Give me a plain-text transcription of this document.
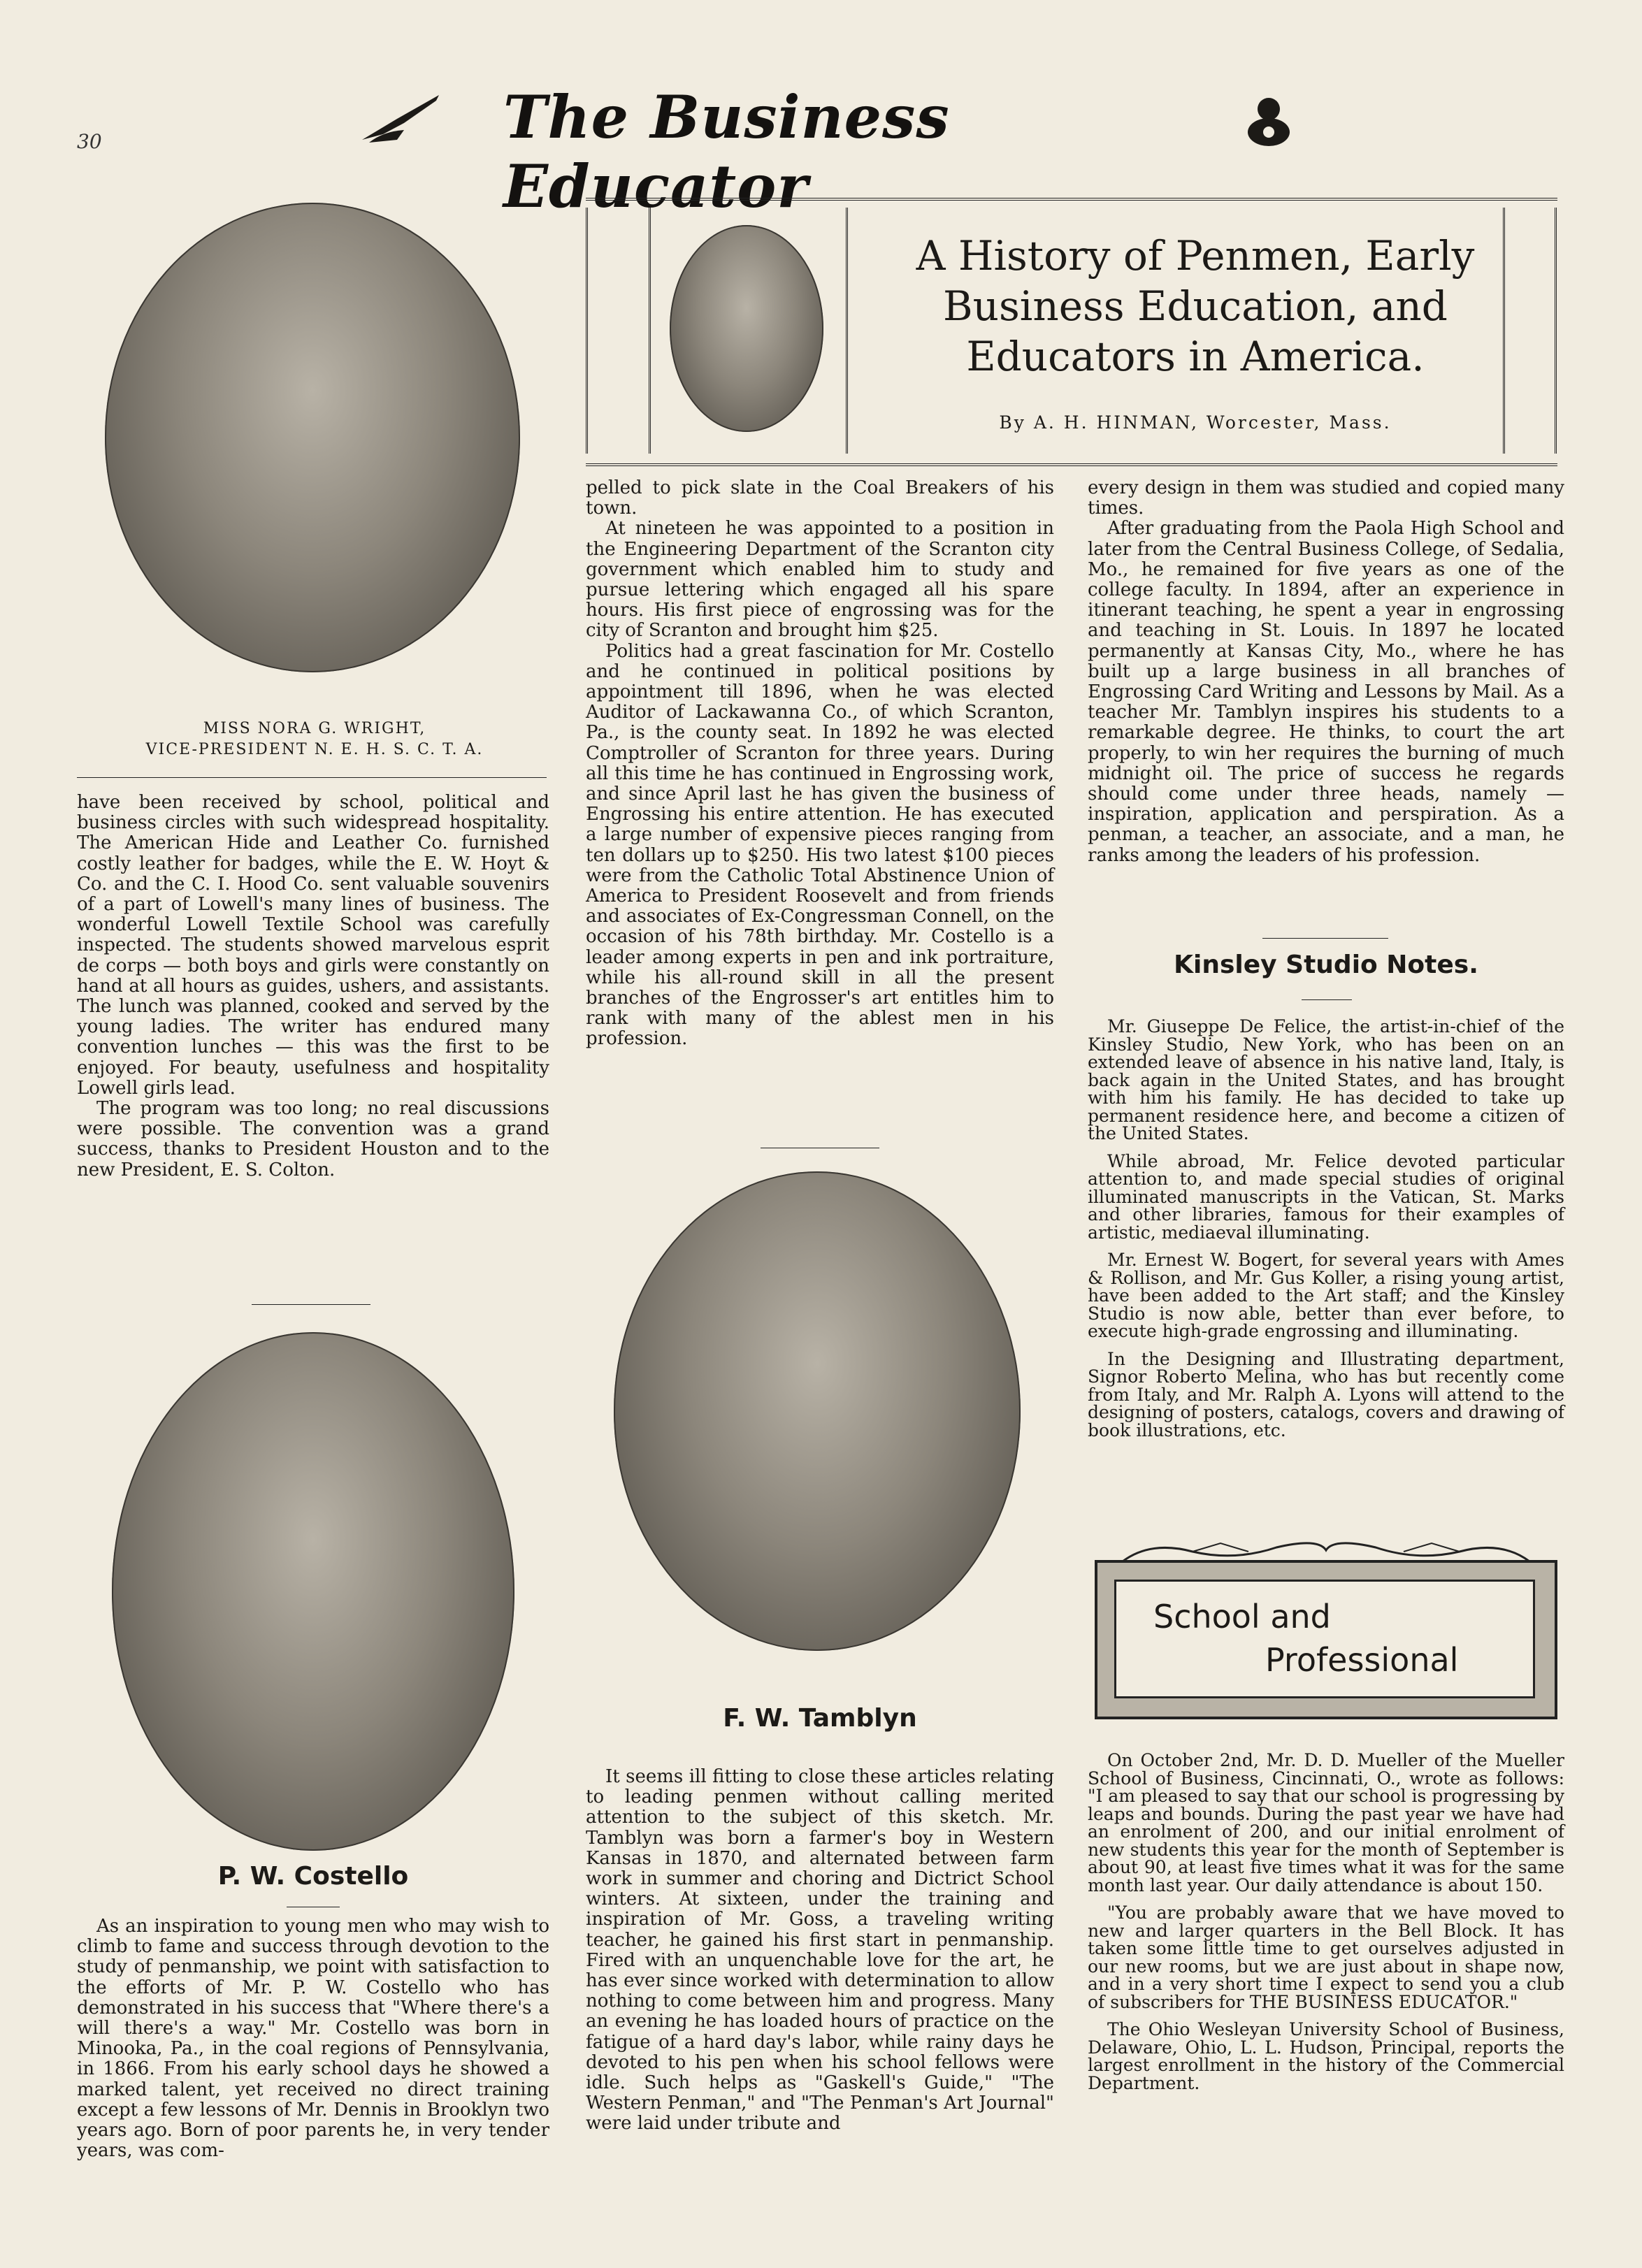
30	The Business Educator
A History of Penmen, Early
Business Education, and
Educators in America.
By A. H. HINMAN, Worcester, Mass.
MISS NORA G. WRIGHT,
VICE-PRESIDENT N. E. H. S. C. T. A.

have been received by school, political and business circles with such widespread hospitality. The American Hide and Leather Co. furnished costly leather for badges, while the E. W. Hoyt & Co. and the C. I. Hood Co. sent valuable souvenirs of a part of Lowell's many lines of business. The wonderful Lowell Textile School was carefully inspected. The students showed marvelous esprit de corps — both boys and girls were constantly on hand at all hours as guides, ushers, and assistants. The lunch was planned, cooked and served by the young ladies. The writer has endured many convention lunches — this was the first to be enjoyed. For beauty, usefulness and hospitality Lowell girls lead.

The program was too long; no real discussions were possible. The convention was a grand success, thanks to President Houston and to the new President, E. S. Colton.

P. W. Costello

As an inspiration to young men who may wish to climb to fame and success through devotion to the study of penmanship, we point with satisfaction to the efforts of Mr. P. W. Costello who has demonstrated in his success that "Where there's a will there's a way." Mr. Costello was born in Minooka, Pa., in the coal regions of Pennsylvania, in 1866. From his early school days he showed a marked talent, yet received no direct training except a few lessons of Mr. Dennis in Brooklyn two years ago. Born of poor parents he, in very tender years, was com-

pelled to pick slate in the Coal Breakers of his town.

At nineteen he was appointed to a position in the Engineering Department of the Scranton city government which enabled him to study and pursue lettering which engaged all his spare hours. His first piece of engrossing was for the city of Scranton and brought him $25.

Politics had a great fascination for Mr. Costello and he continued in political positions by appointment till 1896, when he was elected Auditor of Lackawanna Co., of which Scranton, Pa., is the county seat. In 1892 he was elected Comptroller of Scranton for three years. During all this time he has continued in Engrossing work, and since April last he has given the business of Engrossing his entire attention. He has executed a large number of expensive pieces ranging from ten dollars up to $250. His two latest $100 pieces were from the Catholic Total Abstinence Union of America to President Roosevelt and from friends and associates of Ex-Congressman Connell, on the occasion of his 78th birthday. Mr. Costello is a leader among experts in pen and ink portraiture, while his all-round skill in all the present branches of the Engrosser's art entitles him to rank with many of the ablest men in his profession.

F. W. Tamblyn

It seems ill fitting to close these articles relating to leading penmen without calling merited attention to the subject of this sketch. Mr. Tamblyn was born a farmer's boy in Western Kansas in 1870, and alternated between farm work in summer and choring and Dictrict School winters. At sixteen, under the training and inspiration of Mr. Goss, a traveling writing teacher, he gained his first start in penmanship. Fired with an unquenchable love for the art, he has ever since worked with determination to allow nothing to come between him and progress. Many an evening he has loaded hours of practice on the fatigue of a hard day's labor, while rainy days he devoted to his pen when his school fellows were idle. Such helps as "Gaskell's Guide," "The Western Penman," and "The Penman's Art Journal" were laid under tribute and

every design in them was studied and copied many times.

After graduating from the Paola High School and later from the Central Business College, of Sedalia, Mo., he remained for five years as one of the college faculty. In 1894, after an experience in itinerant teaching, he spent a year in engrossing and teaching in St. Louis. In 1897 he located permanently at Kansas City, Mo., where he has built up a large business in all branches of Engrossing Card Writing and Lessons by Mail. As a teacher Mr. Tamblyn inspires his students to a remarkable degree. He thinks, to court the art properly, to win her requires the burning of much midnight oil. The price of success he regards should come under three heads, namely — inspiration, application and perspiration. As a penman, a teacher, an associate, and a man, he ranks among the leaders of his profession.

Kinsley Studio Notes.

Mr. Giuseppe De Felice, the artist-in-chief of the Kinsley Studio, New York, who has been on an extended leave of absence in his native land, Italy, is back again in the United States, and has brought with him his family. He has decided to take up permanent residence here, and become a citizen of the United States.

While abroad, Mr. Felice devoted particular attention to, and made special studies of original illuminated manuscripts in the Vatican, St. Marks and other libraries, famous for their examples of artistic, mediaeval illuminating.

Mr. Ernest W. Bogert, for several years with Ames & Rollison, and Mr. Gus Koller, a rising young artist, have been added to the Art staff; and the Kinsley Studio is now able, better than ever before, to execute high-grade engrossing and illuminating.

In the Designing and Illustrating department, Signor Roberto Melina, who has but recently come from Italy, and Mr. Ralph A. Lyons will attend to the designing of posters, catalogs, covers and drawing of book illustrations, etc.

School and
Professional

On October 2nd, Mr. D. D. Mueller of the Mueller School of Business, Cincinnati, O., wrote as follows: "I am pleased to say that our school is progressing by leaps and bounds. During the past year we have had an enrolment of 200, and our initial enrolment of new students this year for the month of September is about 90, at least five times what it was for the same month last year. Our daily attendance is about 150.

"You are probably aware that we have moved to new and larger quarters in the Bell Block. It has taken some little time to get ourselves adjusted in our new rooms, but we are just about in shape now, and in a very short time I expect to send you a club of subscribers for THE BUSINESS EDUCATOR."

The Ohio Wesleyan University School of Business, Delaware, Ohio, L. L. Hudson, Principal, reports the largest enrollment in the history of the Commercial Department.
